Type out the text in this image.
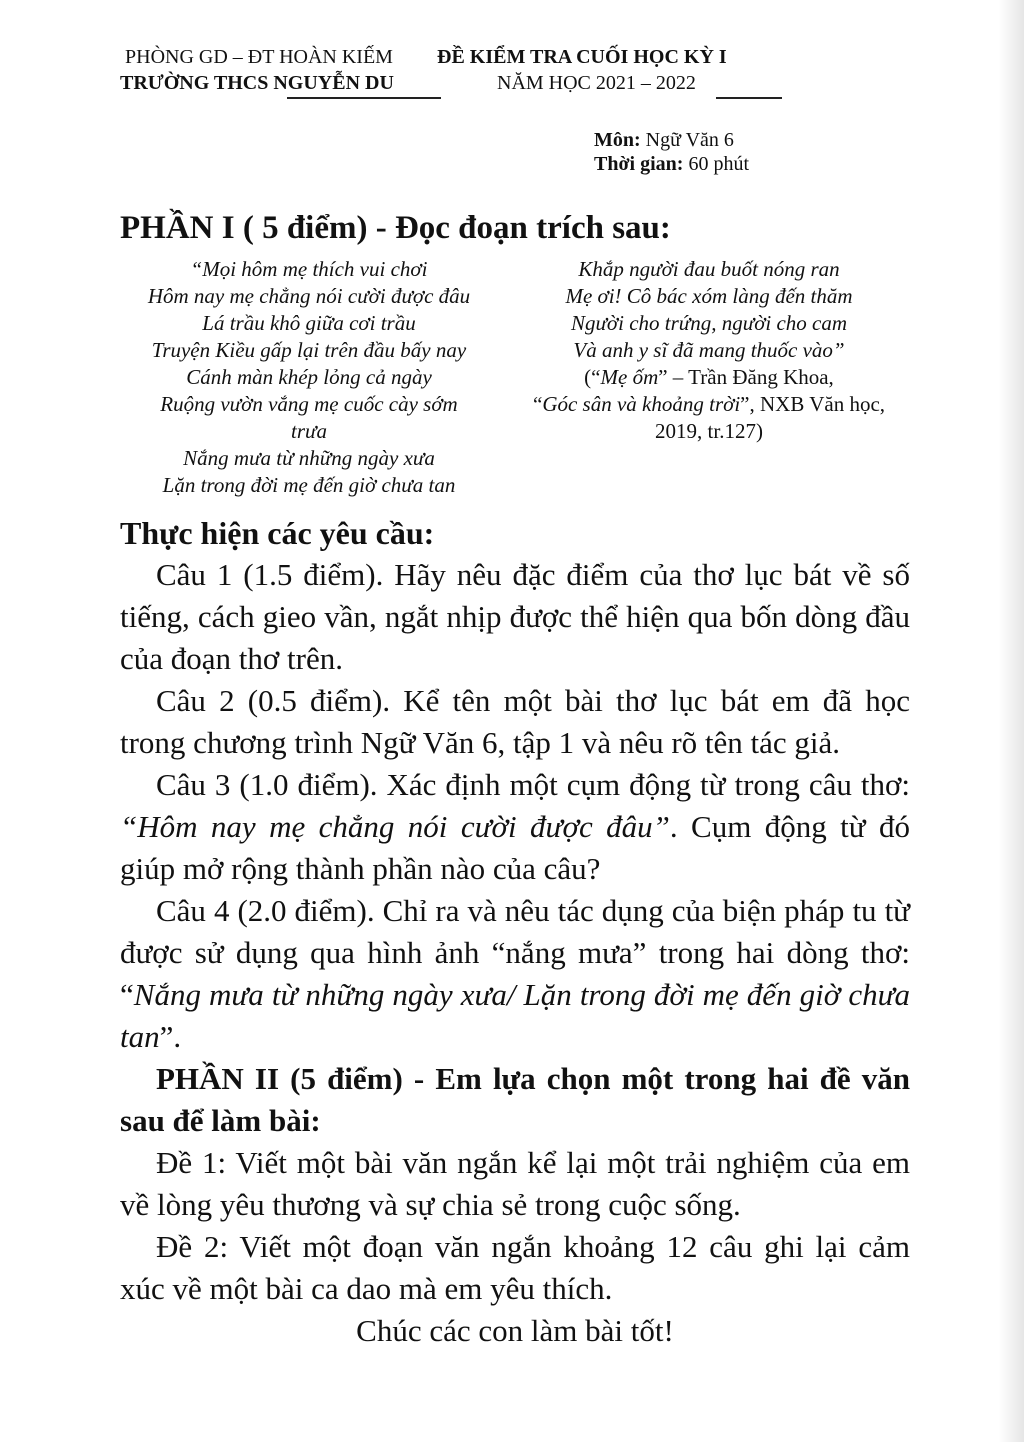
PHÒNG GD – ĐT HOÀN KIẾM
TRƯỜNG THCS NGUYỄN DU
ĐỀ KIỂM TRA CUỐI HỌC KỲ I
NĂM HỌC 2021 – 2022
Môn: Ngữ Văn 6
Thời gian: 60 phút
PHẦN I ( 5 điểm) - Đọc đoạn trích sau:
“Mọi hôm mẹ thích vui chơi
Hôm nay mẹ chẳng nói cười được đâu
Lá trầu khô giữa cơi trầu
Truyện Kiều gấp lại trên đầu bấy nay
Cánh màn khép lỏng cả ngày
Ruộng vườn vắng mẹ cuốc cày sớm
trưa
Nắng mưa từ những ngày xưa
Lặn trong đời mẹ đến giờ chưa tan
Khắp người đau buốt nóng ran
Mẹ ơi! Cô bác xóm làng đến thăm
Người cho trứng, người cho cam
Và anh y sĩ đã mang thuốc vào”
(“Mẹ ốm” – Trần Đăng Khoa,
“Góc sân và khoảng trời”, NXB Văn học,
2019, tr.127)

Thực hiện các yêu cầu:

Câu 1 (1.5 điểm). Hãy nêu đặc điểm của thơ lục bát về số tiếng, cách gieo vần, ngắt nhịp được thể hiện qua bốn dòng đầu của đoạn thơ trên.

Câu 2 (0.5 điểm). Kể tên một bài thơ lục bát em đã học trong chương trình Ngữ Văn 6, tập 1 và nêu rõ tên tác giả.

Câu 3 (1.0 điểm). Xác định một cụm động từ trong câu thơ: “Hôm nay mẹ chẳng nói cười được đâu”. Cụm động từ đó giúp mở rộng thành phần nào của câu?

Câu 4 (2.0 điểm). Chỉ ra và nêu tác dụng của biện pháp tu từ được sử dụng qua hình ảnh “nắng mưa” trong hai dòng thơ: “Nắng mưa từ những ngày xưa/ Lặn trong đời mẹ đến giờ chưa tan”.

PHẦN II (5 điểm) - Em lựa chọn một trong hai đề văn sau để làm bài:

Đề 1: Viết một bài văn ngắn kể lại một trải nghiệm của em về lòng yêu thương và sự chia sẻ trong cuộc sống.

Đề 2: Viết một đoạn văn ngắn khoảng 12 câu ghi lại cảm xúc về một bài ca dao mà em yêu thích.

Chúc các con làm bài tốt!
